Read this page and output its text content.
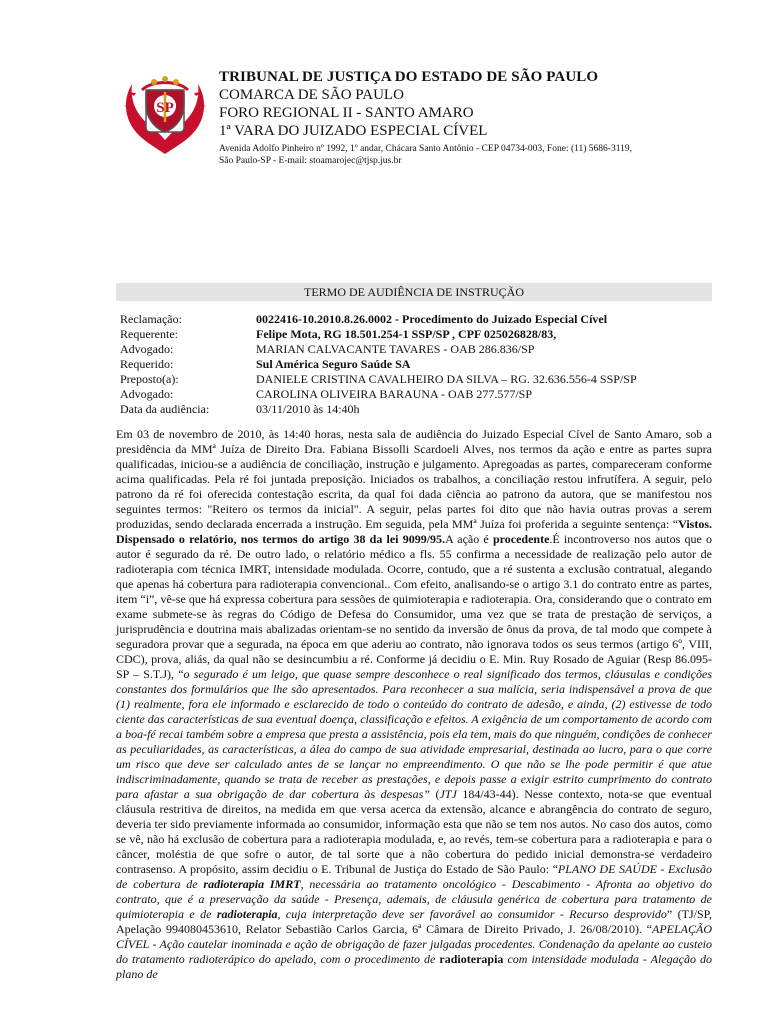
SP
TRIBUNAL DE JUSTIÇA DO ESTADO DE SÃO PAULO
COMARCA DE SÃO PAULO
FORO REGIONAL II - SANTO AMARO
1ª VARA DO JUIZADO ESPECIAL CÍVEL
Avenida Adolfo Pinheiro nº 1992, 1º andar, Chácara Santo Antônio - CEP 04734-003, Fone: (11) 5686-3119,
São Paulo-SP - E-mail: stoamarojec@tjsp.jus.br
TERMO DE AUDIÊNCIA DE INSTRUÇÃO
Reclamação:	0022416-10.2010.8.26.0002 - Procedimento do Juizado Especial Cível
Requerente:	Felipe Mota, RG 18.501.254-1 SSP/SP , CPF 025026828/83,
Advogado:	MARIAN CALVACANTE TAVARES - OAB 286.836/SP
Requerido:	Sul América Seguro Saúde SA
Preposto(a):	DANIELE CRISTINA CAVALHEIRO DA SILVA – RG. 32.636.556-4 SSP/SP
Advogado:	CAROLINA OLIVEIRA BARAUNA - OAB 277.577/SP
Data da audiência:	03/11/2010 às 14:40h

Em 03 de novembro de 2010, às 14:40 horas, nesta sala de audiência do Juizado Especial Cível de Santo Amaro, sob a presidência da MMª Juíza de Direito Dra. Fabiana Bissolli Scardoeli Alves, nos termos da ação e entre as partes supra qualificadas, iniciou-se a audiência de conciliação, instrução e julgamento. Apregoadas as partes, compareceram conforme acima qualificadas. Pela ré foi juntada preposição. Iniciados os trabalhos, a conciliação restou infrutífera. A seguir, pelo patrono da ré foi oferecida contestação escrita, da qual foi dada ciência ao patrono da autora, que se manifestou nos seguintes termos: "Reitero os termos da inicial". A seguir, pelas partes foi dito que não havia outras provas a serem produzidas, sendo declarada encerrada a instrução. Em seguida, pela MMª Juíza foi proferida a seguinte sentença: “Vistos. Dispensado o relatório, nos termos do artigo 38 da lei 9099/95.A ação é procedente.É incontroverso nos autos que o autor é segurado da ré. De outro lado, o relatório médico a fls. 55 confirma a necessidade de realização pelo autor de radioterapia com técnica IMRT, intensidade modulada. Ocorre, contudo, que a ré sustenta a exclusão contratual, alegando que apenas há cobertura para radioterapia convencional.. Com efeito, analisando-se o artigo 3.1 do contrato entre as partes, item “i”, vê-se que há expressa cobertura para sessões de quimioterapia e radioterapia. Ora, considerando que o contrato em exame submete-se às regras do Código de Defesa do Consumidor, uma vez que se trata de prestação de serviços, a jurisprudência e doutrina mais abalizadas orientam-se no sentido da inversão de ônus da prova, de tal modo que compete à seguradora provar que a segurada, na época em que aderiu ao contrato, não ignorava todos os seus termos (artigo 6º, VIII, CDC), prova, aliás, da qual não se desincumbiu a ré. Conforme já decidiu o E. Min. Ruy Rosado de Aguiar (Resp 86.095-SP – S.T.J), “o segurado é um leigo, que quase sempre desconhece o real significado dos termos, cláusulas e condições constantes dos formulários que lhe são apresentados. Para reconhecer a sua malícia, seria indispensável a prova de que (1) realmente, fora ele informado e esclarecido de todo o conteúdo do contrato de adesão, e ainda, (2) estivesse de todo ciente das características de sua eventual doença, classificação e efeitos. A exigência de um comportamento de acordo com a boa-fé recai também sobre a empresa que presta a assistência, pois ela tem, mais do que ninguém, condições de conhecer as peculiaridades, as características, a álea do campo de sua atividade empresarial, destinada ao lucro, para o que corre um risco que deve ser calculado antes de se lançar no empreendimento. O que não se lhe pode permitir é que atue indiscriminadamente, quando se trata de receber as prestações, e depois passe a exigir estrito cumprimento do contrato para afastar a sua obrigação de dar cobertura às despesas” (JTJ 184/43-44). Nesse contexto, nota-se que eventual cláusula restritiva de direitos, na medida em que versa acerca da extensão, alcance e abrangência do contrato de seguro, deveria ter sido previamente informada ao consumidor, informação esta que não se tem nos autos. No caso dos autos, como se vê, não há exclusão de cobertura para a radioterapia modulada, e, ao revés, tem-se cobertura para a radioterapia e para o câncer, moléstia de que sofre o autor, de tal sorte que a não cobertura do pedido inicial demonstra-se verdadeiro contrasenso. A propósito, assim decidiu o E. Tribunal de Justiça do Estado de São Paulo: “PLANO DE SAÚDE - Exclusão de cobertura de radioterapia IMRT, necessária ao tratamento oncológico - Descabimento - Afronta ao objetivo do contrato, que é a preservação da saúde - Presença, ademais, de cláusula genérica de cobertura para tratamento de quimioterapia e de radioterapia, cuja interpretação deve ser favorável ao consumidor - Recurso desprovido” (TJ/SP, Apelação 994080453610, Relator Sebastião Carlos Garcia, 6ª Câmara de Direito Privado, J. 26/08/2010). “APELAÇÃO CÍVEL - Ação cautelar inominada e ação de obrigação de fazer julgadas procedentes. Condenação da apelante ao custeio do tratamento radioterápico do apelado, com o procedimento de radioterapia com intensidade modulada - Alegação do plano de
